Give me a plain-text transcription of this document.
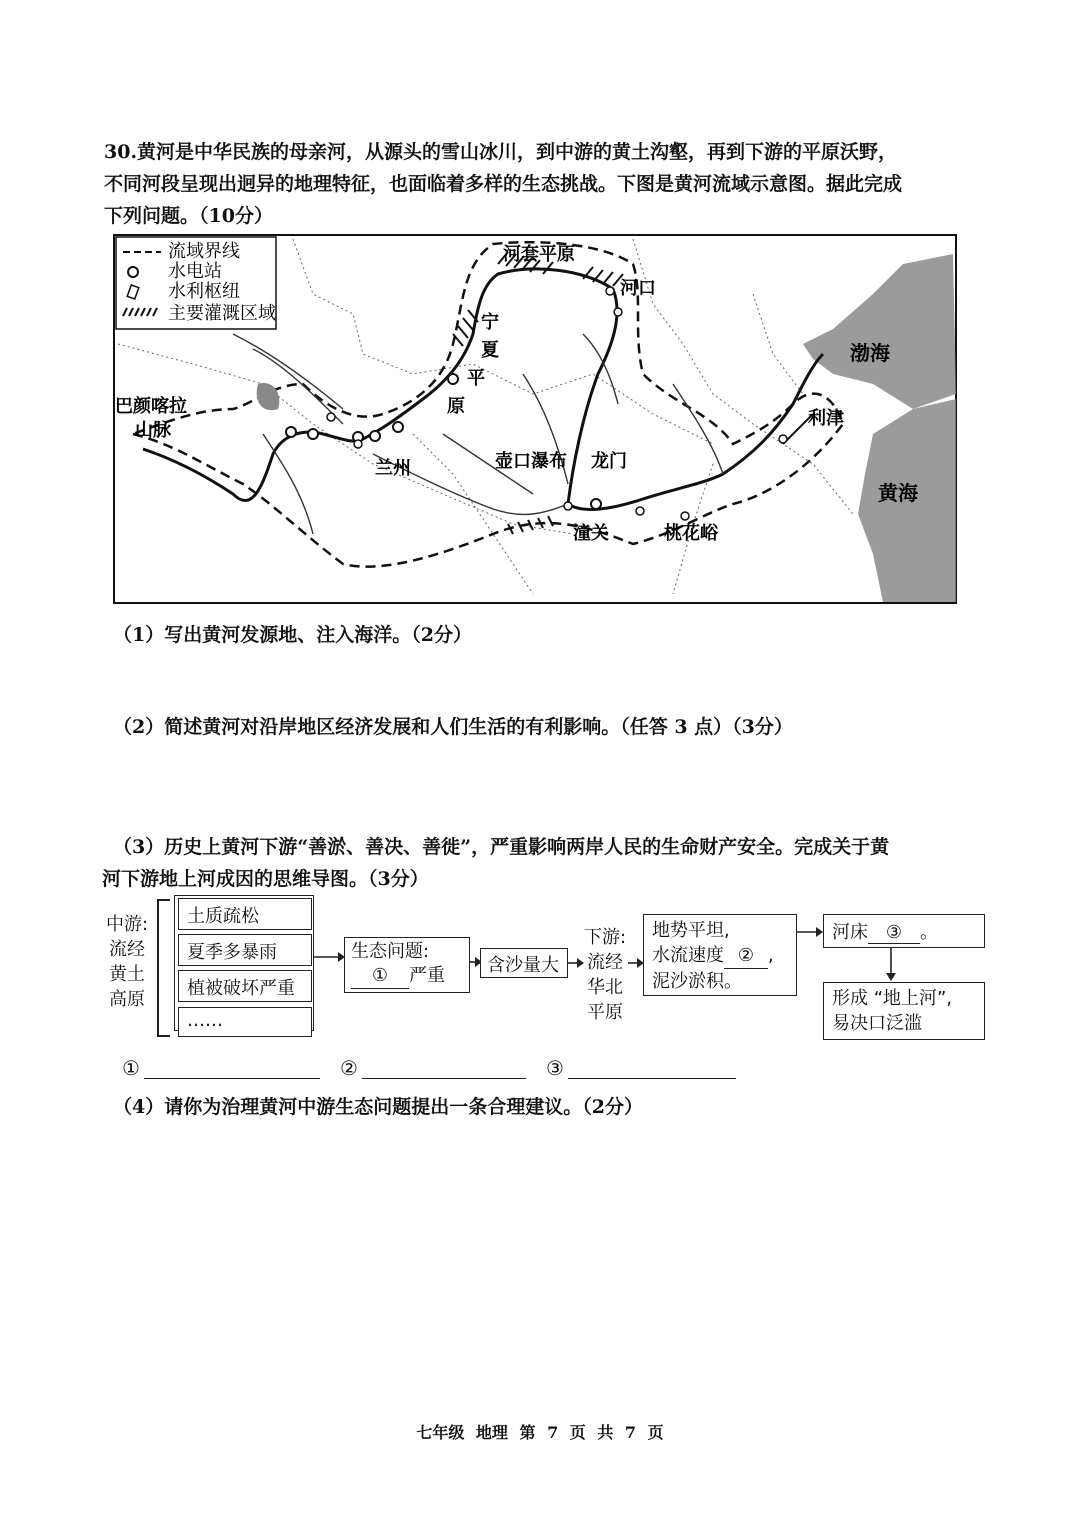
30.黄河是中华民族的母亲河，从源头的雪山冰川，到中游的黄土沟壑，再到下游的平原沃野，
不同河段呈现出迥异的地理特征，也面临着多样的生态挑战。下图是黄河流域示意图。据此完成
下列问题。（10分）
流域界线
水电站
水利枢纽
主要灌溉区域
河套平原
河口
宁
夏
平
原
巴颜喀拉
山脉
兰州	壶口瀑布 龙门
潼关	桃花峪
利津
渤海
黄海
（1）写出黄河发源地、注入海洋。（2分）
（2）简述黄河对沿岸地区经济发展和人们生活的有利影响。（任答 3 点）（3分）
（3）历史上黄河下游“善淤、善决、善徙”，严重影响两岸人民的生命财产安全。完成关于黄
河下游地上河成因的思维导图。（3分）
中游:
流经
黄土
高原
土质疏松
夏季多暴雨
植被破坏严重
……
生态问题:
① 严重	含沙量大
下游:
流经
华北
平原
地势平坦,
水流速度 ② ,
泥沙淤积。
河床 ③ 。
形成 “地上河”,
易决口泛滥
①	②	③
（4）请你为治理黄河中游生态问题提出一条合理建议。（2分）
七年级 地理 第 7 页 共 7 页
